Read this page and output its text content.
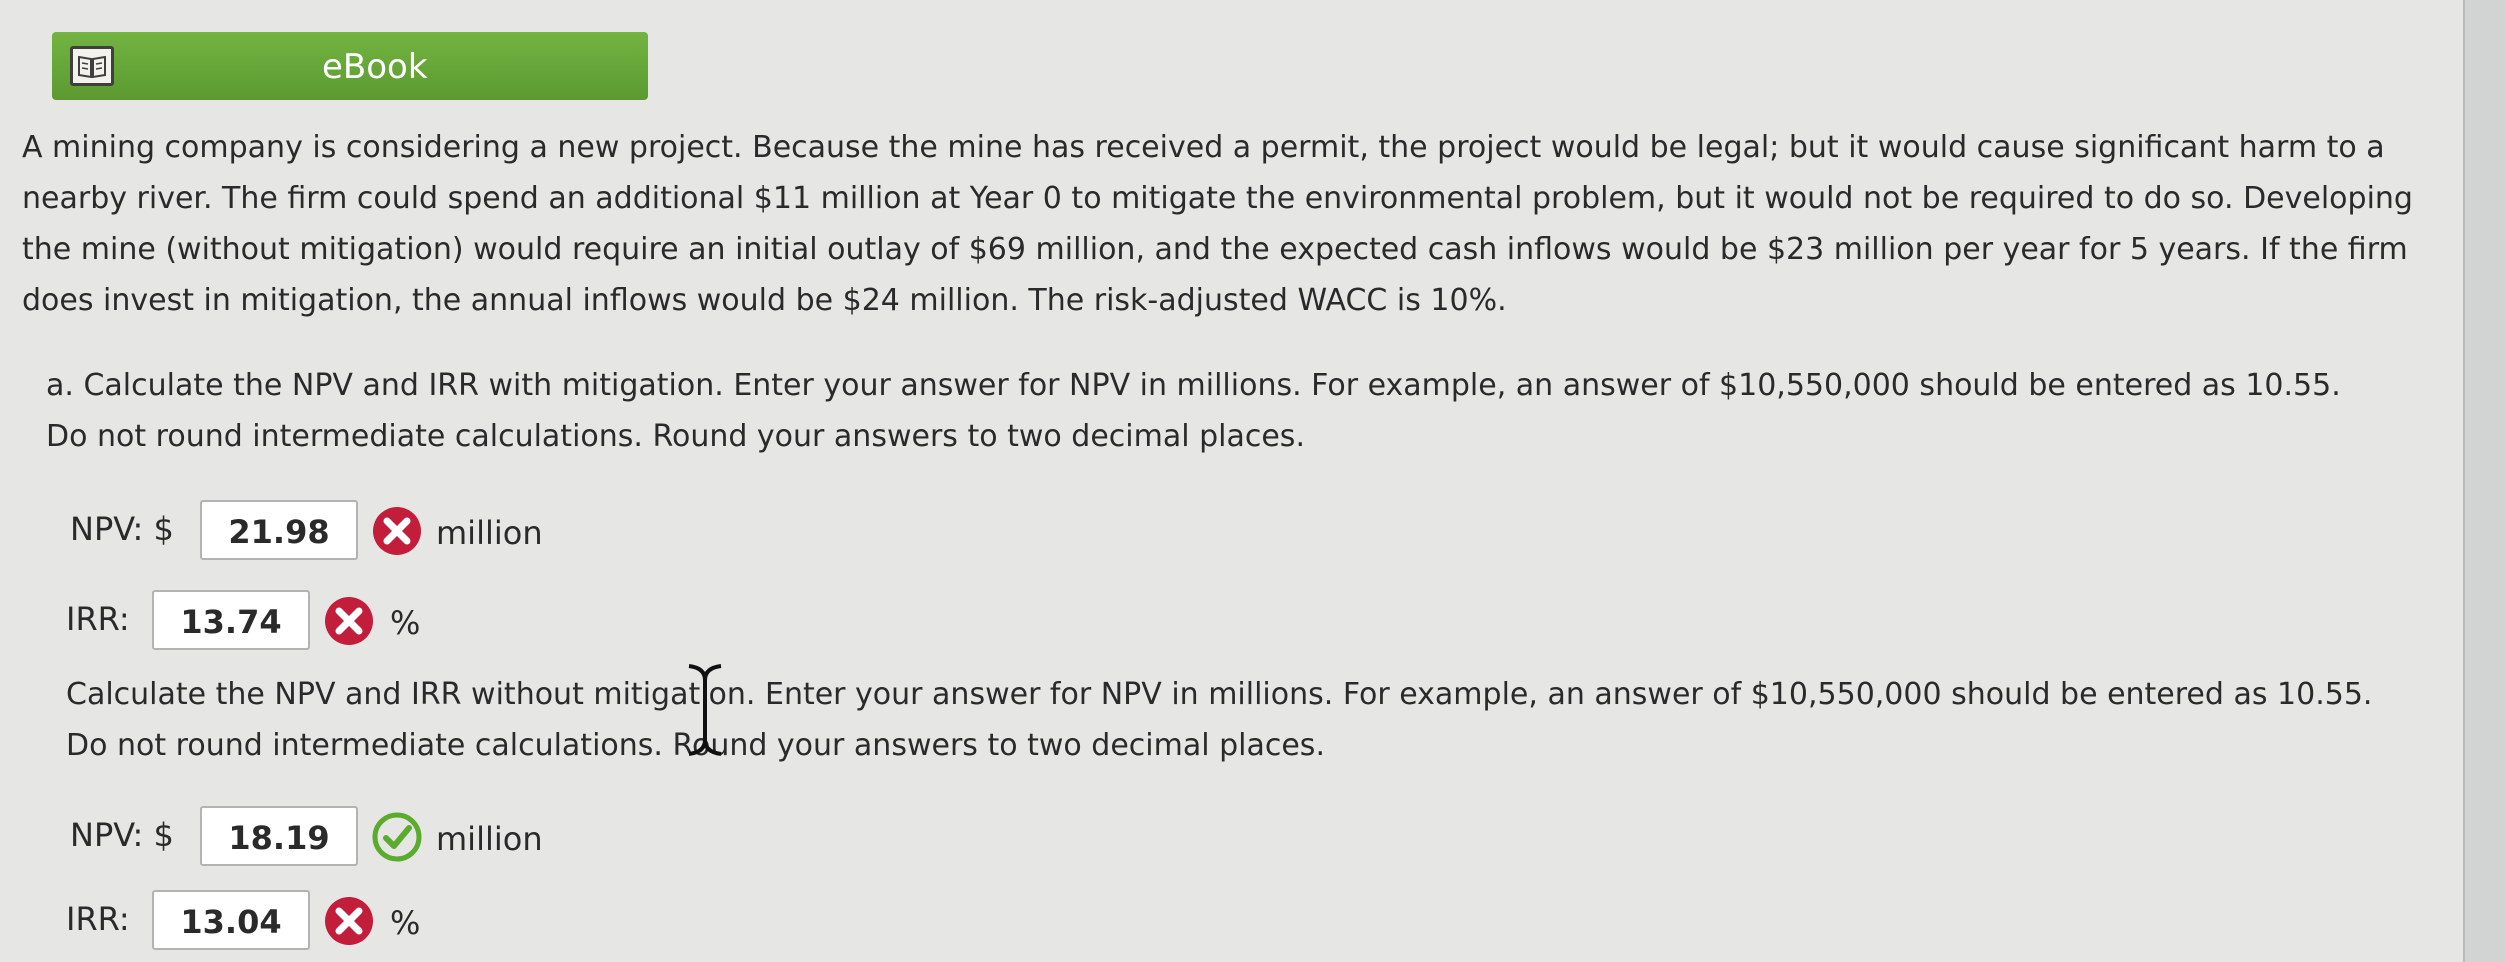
eBook

A mining company is considering a new project. Because the mine has received a permit, the project would be legal; but it would cause significant harm to a nearby river. The firm could spend an additional $11 million at Year 0 to mitigate the environmental problem, but it would not be required to do so. Developing the mine (without mitigation) would require an initial outlay of $69 million, and the expected cash inflows would be $23 million per year for 5 years. If the firm does invest in mitigation, the annual inflows would be $24 million. The risk-adjusted WACC is 10%.

a. Calculate the NPV and IRR with mitigation. Enter your answer for NPV in millions. For example, an answer of $10,550,000 should be entered as 10.55. Do not round intermediate calculations. Round your answers to two decimal places.

NPV: $	21.98	million
IRR:	13.74	%

Calculate the NPV and IRR without mitigation. Enter your answer for NPV in millions. For example, an answer of $10,550,000 should be entered as 10.55. Do not round intermediate calculations. Round your answers to two decimal places.

NPV: $	18.19	million
IRR:	13.04	%
